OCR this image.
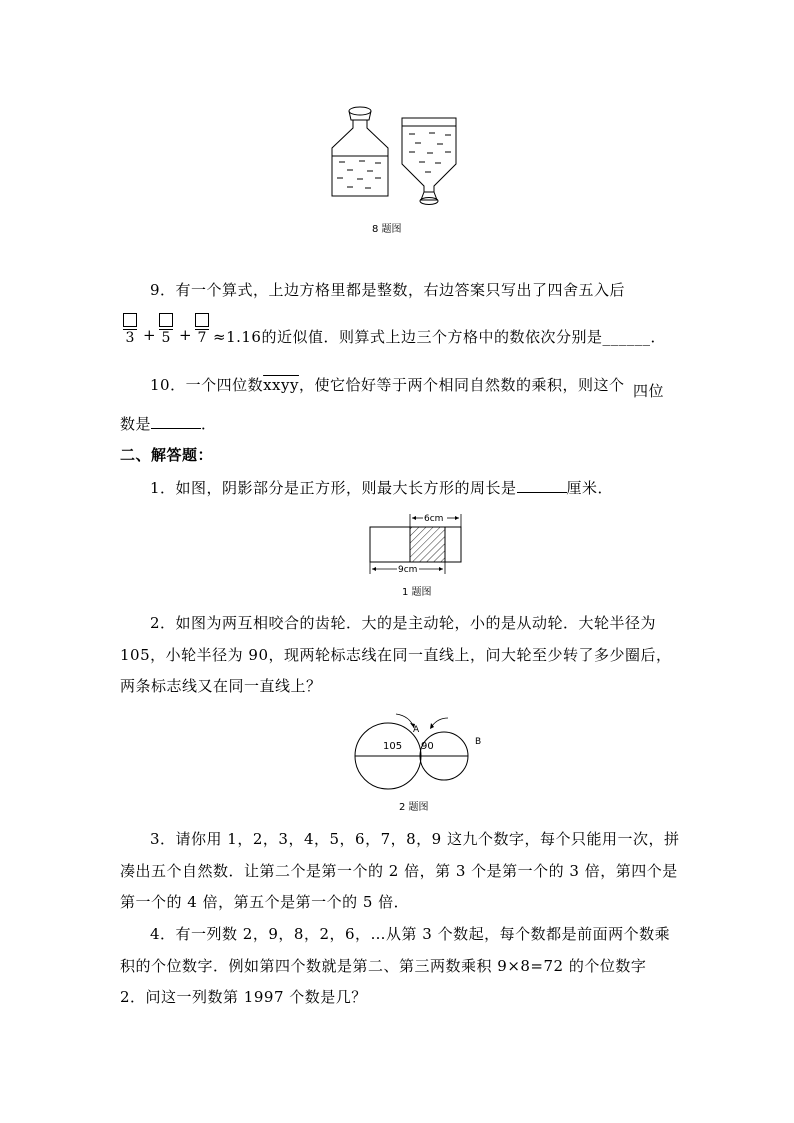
8 题图
9．有一个算式，上边方格里都是整数，右边答案只写出了四舍五入后
3 + 5 + 7 ≈1.16的近似值．则算式上边三个方格中的数依次分别是______．
10．一个四位数xxyy，使它恰好等于两个相同自然数的乘积，则这个 四位
数是	．
二、解答题：
1．如图，阴影部分是正方形，则最大长方形的周长是	厘米．
6cm
9cm
1 题图
2．如图为两互相咬合的齿轮．大的是主动轮，小的是从动轮．大轮半径为
105，小轮半径为 90，现两轮标志线在同一直线上，问大轮至少转了多少圈后，
两条标志线又在同一直线上？
105 90
A
B
2 题图
3．请你用 1，2，3，4，5，6，7，8，9 这九个数字，每个只能用一次，拼
凑出五个自然数．让第二个是第一个的 2 倍，第 3 个是第一个的 3 倍，第四个是
第一个的 4 倍，第五个是第一个的 5 倍．
4．有一列数 2，9，8，2，6，…从第 3 个数起，每个数都是前面两个数乘
积的个位数字．例如第四个数就是第二、第三两数乘积 9×8=72 的个位数字
2．问这一列数第 1997 个数是几？
